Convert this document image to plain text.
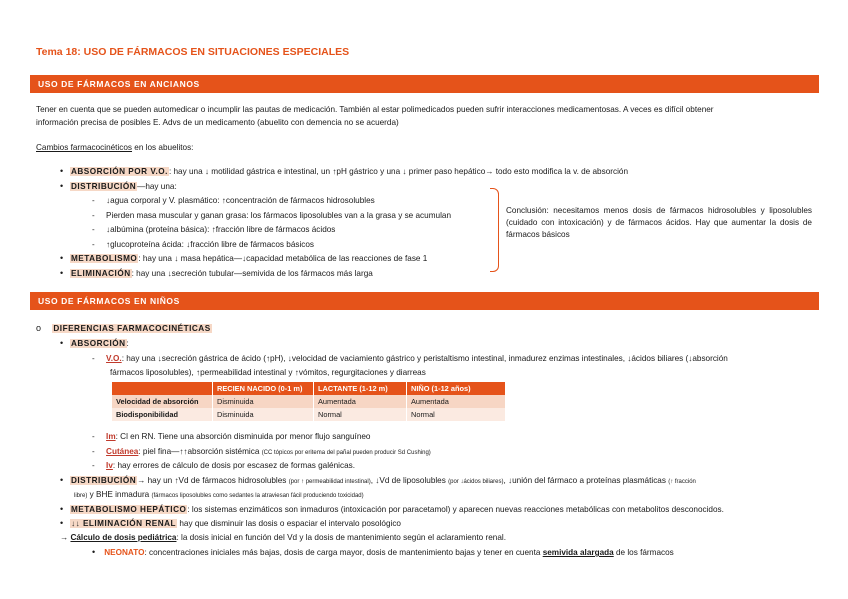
Tema 18: USO DE FÁRMACOS EN SITUACIONES ESPECIALES
USO DE FÁRMACOS EN ANCIANOS
Tener en cuenta que se pueden automedicar o incumplir las pautas de medicación. También al estar polimedicados pueden sufrir interacciones medicamentosas. A veces es difícil obtener
información precisa de posibles E. Advs de un medicamento (abuelito con demencia no se acuerda)
Cambios farmacocinéticos en los abuelitos:
• ABSORCIÓN POR V.O.: hay una ↓ motilidad gástrica e intestinal, un ↑pH gástrico y una ↓ primer paso hepático→ todo esto modifica la v. de absorción
• DISTRIBUCIÓN—hay una:
- ↓agua corporal y V. plasmático: ↑concentración de fármacos hidrosolubles
- Pierden masa muscular y ganan grasa: los fármacos liposolubles van a la grasa y se acumulan
- ↓albúmina (proteína básica): ↑fracción libre de fármacos ácidos
- ↑glucoproteína ácida: ↓fracción libre de fármacos básicos
• METABOLISMO: hay una ↓ masa hepática—↓capacidad metabólica de las reacciones de fase 1
• ELIMINACIÓN: hay una ↓secreción tubular—semivida de los fármacos más larga
Conclusión: necesitamos menos dosis de fármacos hidrosolubles y liposolubles (cuidado con intoxicación) y de fármacos ácidos. Hay que aumentar la dosis de fármacos básicos
USO DE FÁRMACOS EN NIÑOS
o DIFERENCIAS FARMACOCINÉTICAS
• ABSORCIÓN:
- V.O.: hay una ↓secreción gástrica de ácido (↑pH), ↓velocidad de vaciamiento gástrico y peristaltismo intestinal, inmadurez enzimas intestinales, ↓ácidos biliares (↓absorción
fármacos liposolubles), ↑permeabilidad intestinal y ↑vómitos, regurgitaciones y diarreas
	RECIEN NACIDO (0-1 m)	LACTANTE (1-12 m)	NIÑO (1-12 años)
Velocidad de absorción	Disminuida	Aumentada	Aumentada
Biodisponibilidad	Disminuida	Normal	Normal
- Im: Cl en RN. Tiene una absorción disminuida por menor flujo sanguíneo
- Cutánea: piel fina—↑↑absorción sistémica (CC tópicos por eritema del pañal pueden producir Sd Cushing)
- Iv: hay errores de cálculo de dosis por escasez de formas galénicas.
• DISTRIBUCIÓN→ hay un ↑Vd de fármacos hidrosolubles (por ↑ permeabilidad intestinal), ↓Vd de liposolubles (por ↓ácidos biliares), ↓unión del fármaco a proteínas plasmáticas (↑ fracción
libre) y BHE inmadura (fármacos liposolubles como sedantes la atraviesan fácil produciendo toxicidad)
• METABOLISMO HEPÁTICO: los sistemas enzimáticos son inmaduros (intoxicación por paracetamol) y aparecen nuevas reacciones metabólicas con metabolitos desconocidos.
• ↓↓ ELIMINACIÓN RENAL hay que disminuir las dosis o espaciar el intervalo posológico
→ Cálculo de dosis pediátrica: la dosis inicial en función del Vd y la dosis de mantenimiento según el aclaramiento renal.
• NEONATO: concentraciones iniciales más bajas, dosis de carga mayor, dosis de mantenimiento bajas y tener en cuenta semivida alargada de los fármacos
